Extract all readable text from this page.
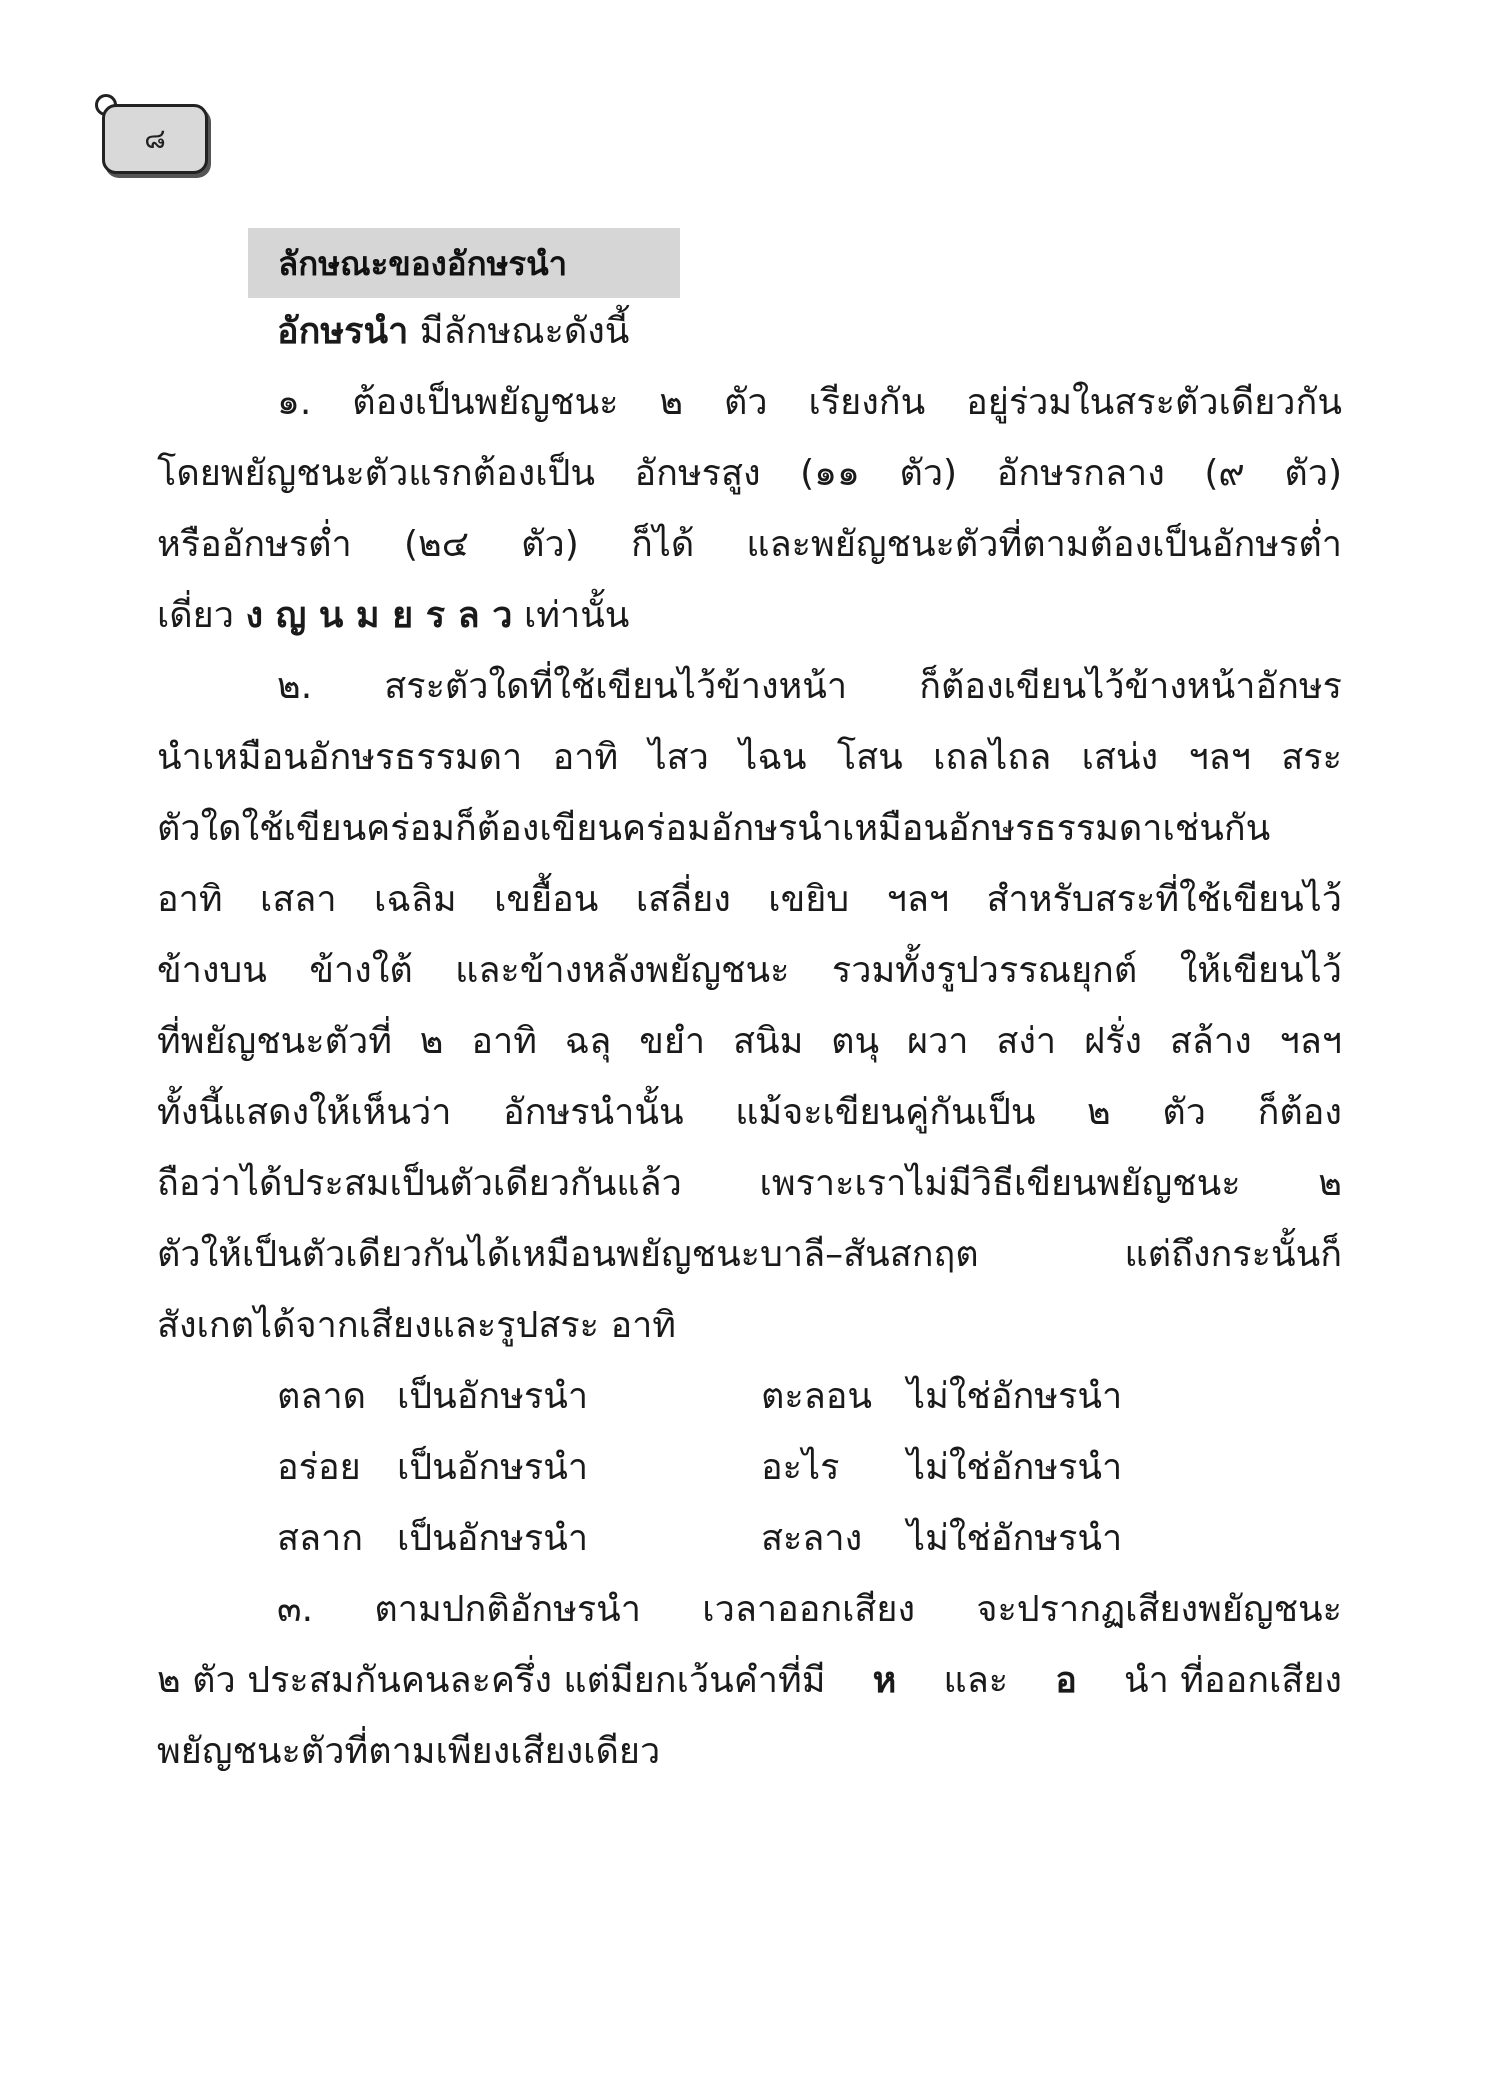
๘
ลักษณะของอักษรนำ
อักษรนำ
มีลักษณะดังนี้
๑. ต้องเป็นพยัญชนะ ๒ ตัว เรียงกัน อยู่ร่วมในสระตัวเดียวกัน
โดยพยัญชนะตัวแรกต้องเป็น อักษรสูง (๑๑ ตัว) อักษรกลาง (๙ ตัว)
หรืออักษรต่ำ (๒๔ ตัว) ก็ได้ และพยัญชนะตัวที่ตามต้องเป็นอักษรต่ำ
เดี่ยว
ง ญ น ม ย ร ล ว
เท่านั้น
๒. สระตัวใดที่ใช้เขียนไว้ข้างหน้า ก็ต้องเขียนไว้ข้างหน้าอักษร
นำเหมือนอักษรธรรมดา อาทิ ไสว ไฉน โสน เถลไถล เสน่ง ฯลฯ สระ
ตัวใดใช้เขียนคร่อมก็ต้องเขียนคร่อมอักษรนำเหมือนอักษรธรรมดาเช่นกัน
อาทิ เสลา เฉลิม เขยื้อน เสลี่ยง เขยิบ ฯลฯ สำหรับสระที่ใช้เขียนไว้
ข้างบน ข้างใต้ และข้างหลังพยัญชนะ รวมทั้งรูปวรรณยุกต์ ให้เขียนไว้
ที่พยัญชนะตัวที่ ๒ อาทิ ฉลุ ขยำ สนิม ตนุ ผวา สง่า ฝรั่ง สล้าง ฯลฯ
ทั้งนี้แสดงให้เห็นว่า อักษรนำนั้น แม้จะเขียนคู่กันเป็น ๒ ตัว ก็ต้อง
ถือว่าได้ประสมเป็นตัวเดียวกันแล้ว เพราะเราไม่มีวิธีเขียนพยัญชนะ ๒
ตัวให้เป็นตัวเดียวกันได้เหมือนพยัญชนะบาลี–สันสกฤต	แต่ถึงกระนั้นก็
สังเกตได้จากเสียงและรูปสระ อาทิ
ตลาด เป็นอักษรนำ	ตะลอน ไม่ใช่อักษรนำ
อร่อย เป็นอักษรนำ	อะไร ไม่ใช่อักษรนำ
สลาก เป็นอักษรนำ	สะลาง ไม่ใช่อักษรนำ
๓. ตามปกติอักษรนำ เวลาออกเสียง จะปรากฏเสียงพยัญชนะ
๒ ตัว ประสมกันคนละครึ่ง แต่มียกเว้นคำที่มี ห และ อ นำ ที่ออกเสียง
พยัญชนะตัวที่ตามเพียงเสียงเดียว
